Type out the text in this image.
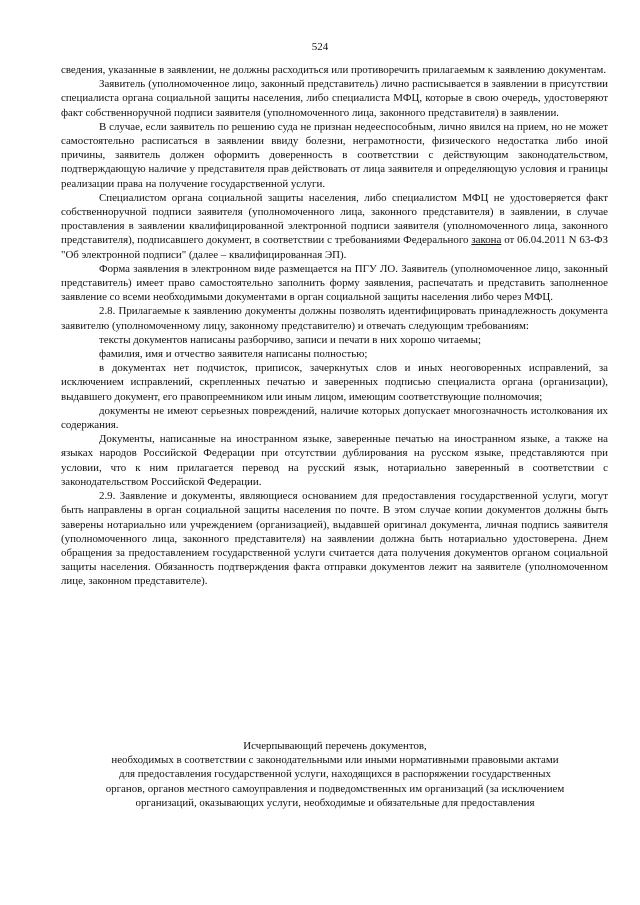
524

сведения, указанные в заявлении, не должны расходиться или противоречить прилагаемым к заявлению документам.

Заявитель (уполномоченное лицо, законный представитель) лично расписывается в заявлении в присутствии специалиста органа социальной защиты населения, либо специалиста МФЦ, которые в свою очередь, удостоверяют факт собственноручной подписи заявителя (уполномоченного лица, законного представителя) в заявлении.

В случае, если заявитель по решению суда не признан недееспособным, лично явился на прием, но не может самостоятельно расписаться в заявлении ввиду болезни, неграмотности, физического недостатка либо иной причины, заявитель должен оформить доверенность в соответствии с действующим законодательством, подтверждающую наличие у представителя прав действовать от лица заявителя и определяющую условия и границы реализации права на получение государственной услуги.

Специалистом органа социальной защиты населения, либо специалистом МФЦ не удостоверяется факт собственноручной подписи заявителя (уполномоченного лица, законного представителя) в заявлении, в случае проставления в заявлении квалифицированной электронной подписи заявителя (уполномоченного лица, законного представителя), подписавшего документ, в соответствии с требованиями Федерального закона от 06.04.2011 N 63-ФЗ "Об электронной подписи" (далее – квалифицированная ЭП).

Форма заявления в электронном виде размещается на ПГУ ЛО. Заявитель (уполномоченное лицо, законный представитель) имеет право самостоятельно заполнить форму заявления, распечатать и представить заполненное заявление со всеми необходимыми документами в орган социальной защиты населения либо через МФЦ.

2.8. Прилагаемые к заявлению документы должны позволять идентифицировать принадлежность документа заявителю (уполномоченному лицу, законному представителю) и отвечать следующим требованиям:

тексты документов написаны разборчиво, записи и печати в них хорошо читаемы;

фамилия, имя и отчество заявителя написаны полностью;

в документах нет подчисток, приписок, зачеркнутых слов и иных неоговоренных исправлений, за исключением исправлений, скрепленных печатью и заверенных подписью специалиста органа (организации), выдавшего документ, его правопреемником или иным лицом, имеющим соответствующие полномочия;

документы не имеют серьезных повреждений, наличие которых допускает многозначность истолкования их содержания.

Документы, написанные на иностранном языке, заверенные печатью на иностранном языке, а также на языках народов Российской Федерации при отсутствии дублирования на русском языке, представляются при условии, что к ним прилагается перевод на русский язык, нотариально заверенный в соответствии с законодательством Российской Федерации.

2.9. Заявление и документы, являющиеся основанием для предоставления государственной услуги, могут быть направлены в орган социальной защиты населения по почте. В этом случае копии документов должны быть заверены нотариально или учреждением (организацией), выдавшей оригинал документа, личная подпись заявителя (уполномоченного лица, законного представителя) на заявлении должна быть нотариально удостоверена. Днем обращения за предоставлением государственной услуги считается дата получения документов органом социальной защиты населения. Обязанность подтверждения факта отправки документов лежит на заявителе (уполномоченном лице, законном представителе).

Исчерпывающий перечень документов,
необходимых в соответствии с законодательными или иными нормативными правовыми актами
для предоставления государственной услуги, находящихся в распоряжении государственных
органов, органов местного самоуправления и подведомственных им организаций (за исключением
организаций, оказывающих услуги, необходимые и обязательные для предоставления
